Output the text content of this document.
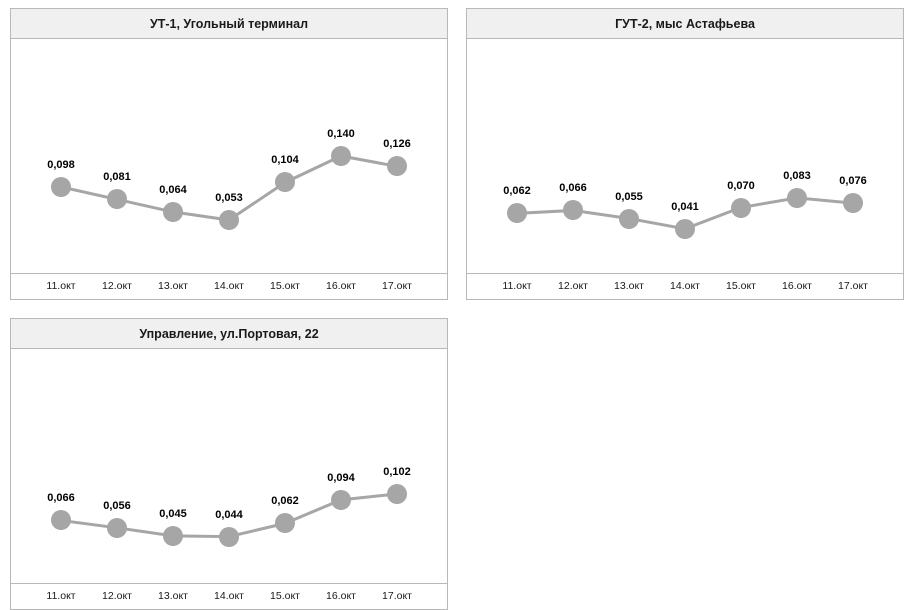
УТ-1, Угольный терминал
0,098
0,081
0,064
0,053
0,104
0,140
0,126
11.окт	12.окт 13.окт 14.окт 15.окт 16.окт 17.окт
ГУТ-2, мыс Астафьева
0,062	0,066
0,055
0,041
0,070
0,083	0,076
11.окт	12.окт 13.окт 14.окт 15.окт 16.окт 17.окт
Управление, ул.Портовая, 22
0,066
0,056
0,045	0,044
0,062
0,094	0,102
11.окт	12.окт 13.окт 14.окт 15.окт 16.окт 17.окт
